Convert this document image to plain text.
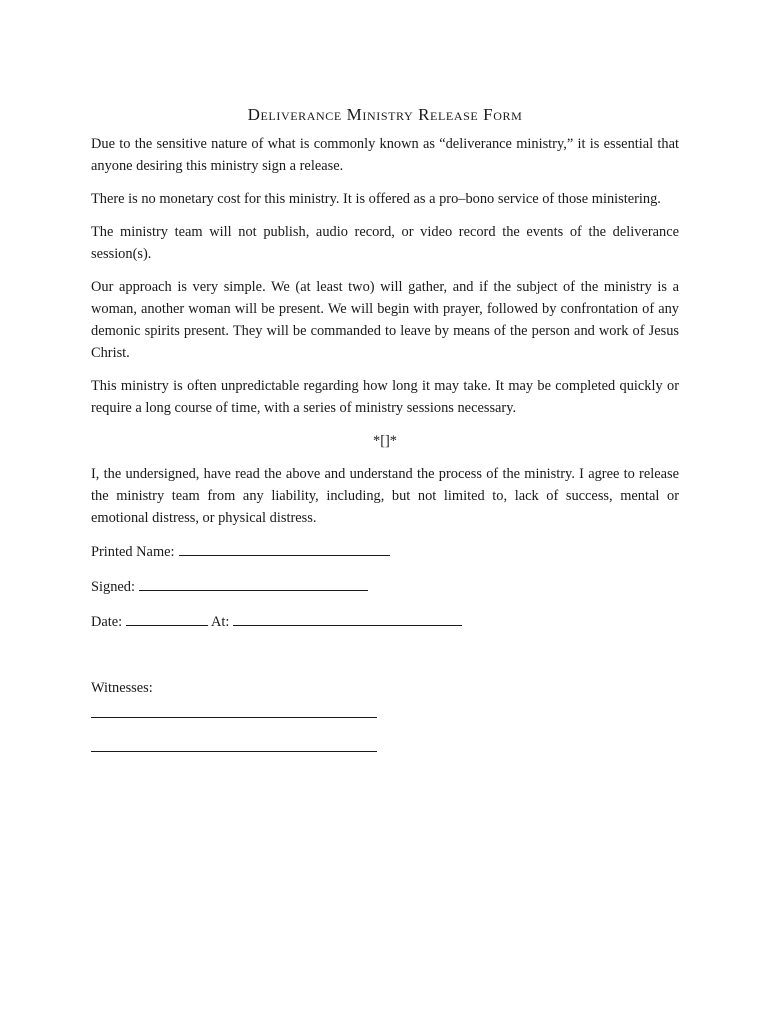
Deliverance Ministry Release Form

Due to the sensitive nature of what is commonly known as “deliverance ministry,” it is essential that anyone desiring this ministry sign a release.

There is no monetary cost for this ministry. It is offered as a pro–bono service of those ministering.

The ministry team will not publish, audio record, or video record the events of the deliverance session(s).

Our approach is very simple. We (at least two) will gather, and if the subject of the ministry is a woman, another woman will be present. We will begin with prayer, followed by confrontation of any demonic spirits present. They will be commanded to leave by means of the person and work of Jesus Christ.

This ministry is often unpredictable regarding how long it may take. It may be completed quickly or require a long course of time, with a series of ministry sessions necessary.

*[]*

I, the undersigned, have read the above and understand the process of the ministry. I agree to release the ministry team from any liability, including, but not limited to, lack of success, mental or emotional distress, or physical distress.

Printed Name:
Signed:
Date:	At:
Witnesses:
